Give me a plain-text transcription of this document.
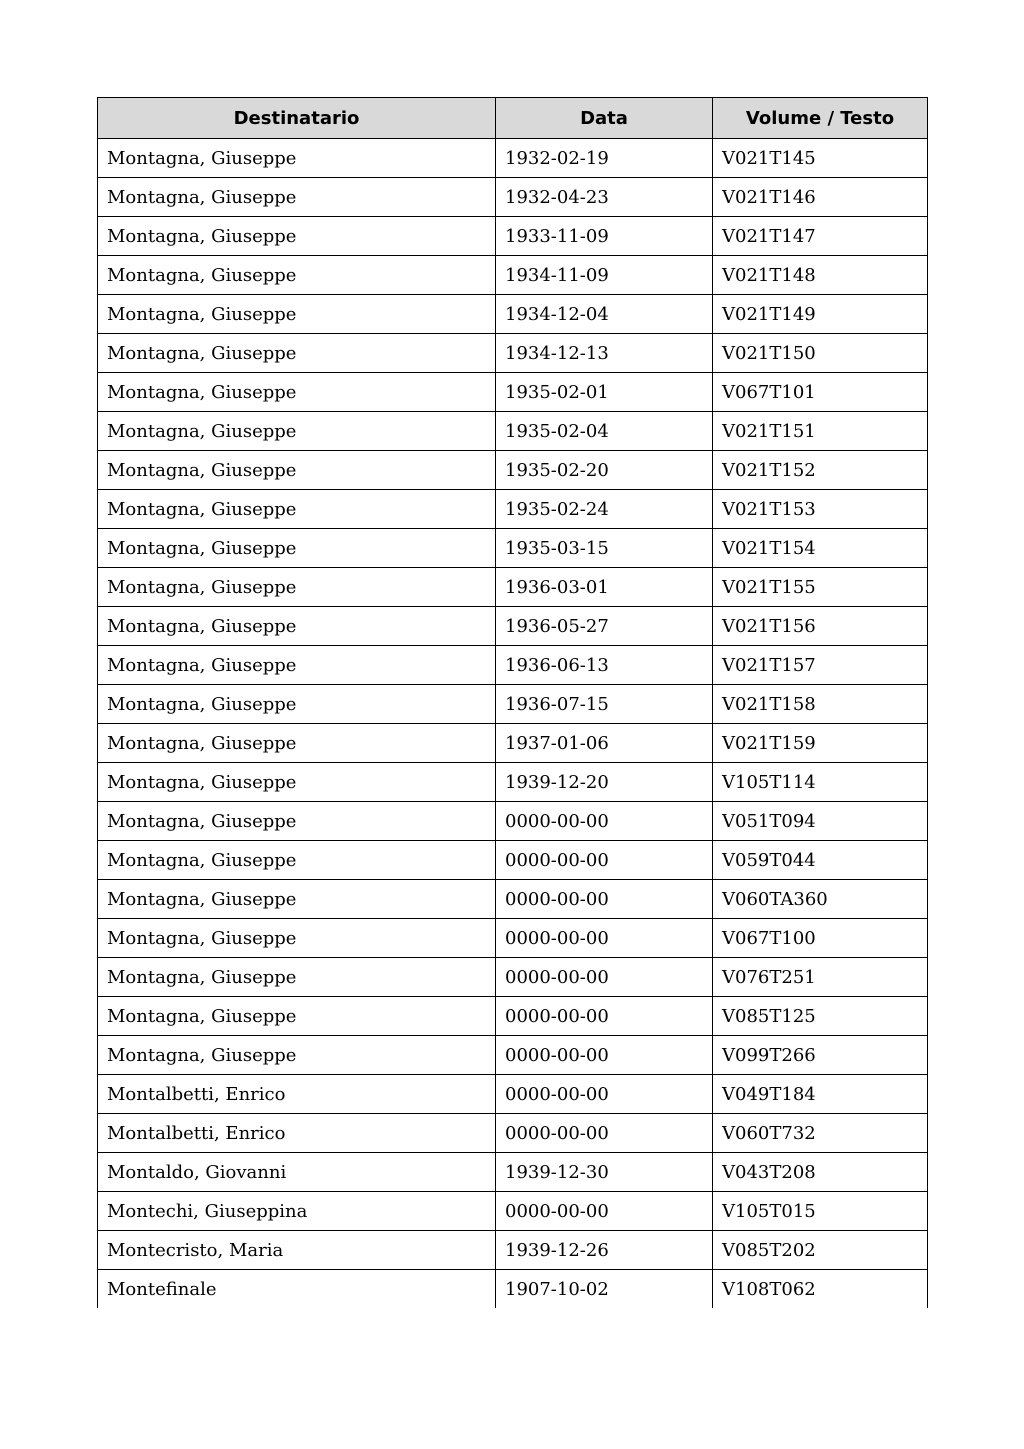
Destinatario	Data	Volume / Testo
Montagna, Giuseppe	1932-02-19	V021T145
Montagna, Giuseppe	1932-04-23	V021T146
Montagna, Giuseppe	1933-11-09	V021T147
Montagna, Giuseppe	1934-11-09	V021T148
Montagna, Giuseppe	1934-12-04	V021T149
Montagna, Giuseppe	1934-12-13	V021T150
Montagna, Giuseppe	1935-02-01	V067T101
Montagna, Giuseppe	1935-02-04	V021T151
Montagna, Giuseppe	1935-02-20	V021T152
Montagna, Giuseppe	1935-02-24	V021T153
Montagna, Giuseppe	1935-03-15	V021T154
Montagna, Giuseppe	1936-03-01	V021T155
Montagna, Giuseppe	1936-05-27	V021T156
Montagna, Giuseppe	1936-06-13	V021T157
Montagna, Giuseppe	1936-07-15	V021T158
Montagna, Giuseppe	1937-01-06	V021T159
Montagna, Giuseppe	1939-12-20	V105T114
Montagna, Giuseppe	0000-00-00	V051T094
Montagna, Giuseppe	0000-00-00	V059T044
Montagna, Giuseppe	0000-00-00	V060TA360
Montagna, Giuseppe	0000-00-00	V067T100
Montagna, Giuseppe	0000-00-00	V076T251
Montagna, Giuseppe	0000-00-00	V085T125
Montagna, Giuseppe	0000-00-00	V099T266
Montalbetti, Enrico	0000-00-00	V049T184
Montalbetti, Enrico	0000-00-00	V060T732
Montaldo, Giovanni	1939-12-30	V043T208
Montechi, Giuseppina	0000-00-00	V105T015
Montecristo, Maria	1939-12-26	V085T202
Montefinale	1907-10-02	V108T062
